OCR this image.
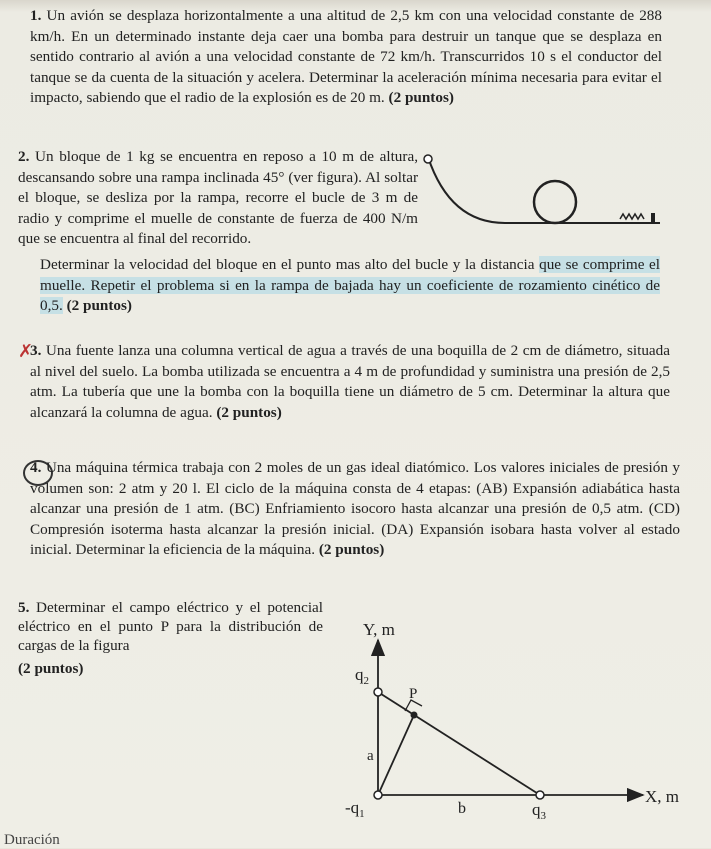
1. Un avión se desplaza horizontalmente a una altitud de 2,5 km con una velocidad constante de 288 km/h. En un determinado instante deja caer una bomba para destruir un tanque que se desplaza en sentido contrario al avión a una velocidad constante de 72 km/h. Transcurridos 10 s el conductor del tanque se da cuenta de la situación y acelera. Determinar la aceleración mínima necesaria para evitar el impacto, sabiendo que el radio de la explosión es de 20 m. (2 puntos)
2. Un bloque de 1 kg se encuentra en reposo a 10 m de altura, descansando sobre una rampa inclinada 45° (ver figura). Al soltar el bloque, se desliza por la rampa, recorre el bucle de 3 m de radio y comprime el muelle de constante de fuerza de 400 N/m que se encuentra al final del recorrido.
Determinar la velocidad del bloque en el punto mas alto del bucle y la distancia que se comprime el muelle. Repetir el problema si en la rampa de bajada hay un coeficiente de rozamiento cinético de 0,5. (2 puntos)
✗
3. Una fuente lanza una columna vertical de agua a través de una boquilla de 2 cm de diámetro, situada al nivel del suelo. La bomba utilizada se encuentra a 4 m de profundidad y suministra una presión de 2,5 atm. La tubería que une la bomba con la boquilla tiene un diámetro de 5 cm. Determinar la altura que alcanzará la columna de agua. (2 puntos)
4. Una máquina térmica trabaja con 2 moles de un gas ideal diatómico. Los valores iniciales de presión y volumen son: 2 atm y 20 l. El ciclo de la máquina consta de 4 etapas: (AB) Expansión adiabática hasta alcanzar una presión de 1 atm. (BC) Enfriamiento isocoro hasta alcanzar una presión de 0,5 atm. (CD) Compresión isoterma hasta alcanzar la presión inicial. (DA) Expansión isobara hasta volver al estado inicial. Determinar la eficiencia de la máquina. (2 puntos)
5. Determinar el campo eléctrico y el potencial eléctrico en el punto P para la distribución de cargas de la figura
(2 puntos)
Y, m
X, m
$q_2$
$-q_1$	$q_3$
P
a
b
Duración
